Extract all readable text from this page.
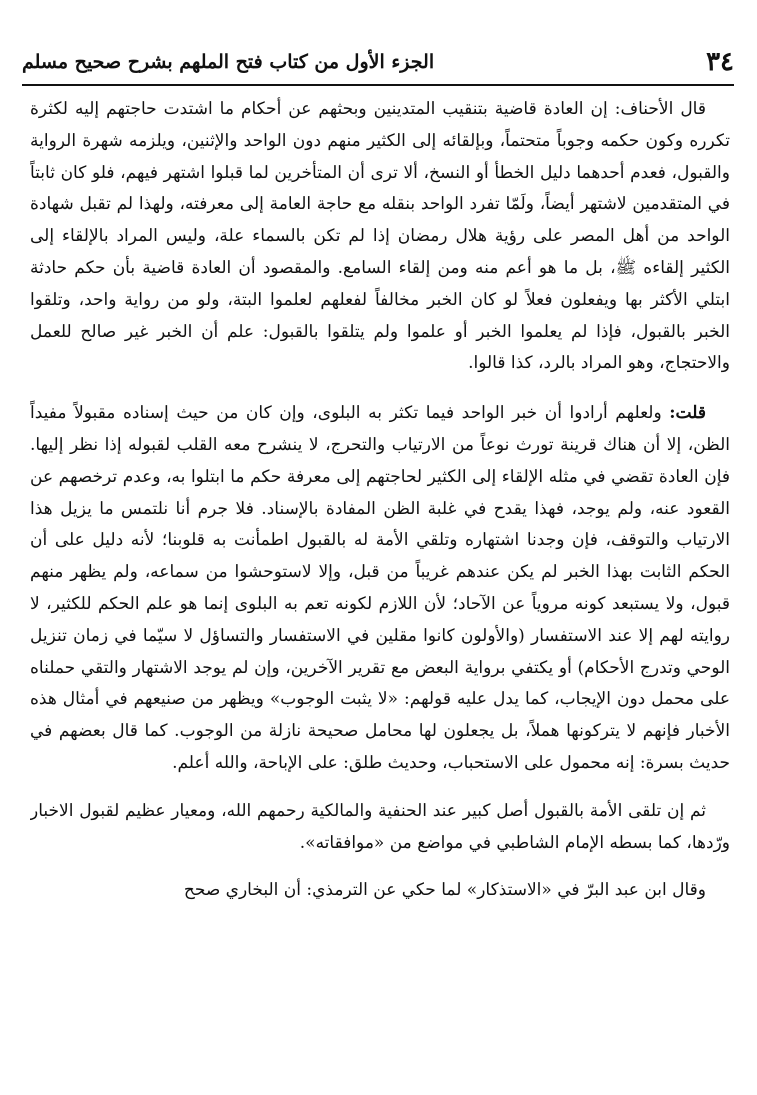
٣٤
الجزء الأول من كتاب فتح الملهم بشرح صحيح مسلم

قال الأحناف: إن العادة قاضية بتنقيب المتدينين وبحثهم عن أحكام ما اشتدت حاجتهم إليه لكثرة تكرره وكون حكمه وجوباً متحتماً، وبإلقائه إلى الكثير منهم دون الواحد والإثنين، ويلزمه شهرة الرواية والقبول، فعدم أحدهما دليل الخطأ أو النسخ، ألا ترى أن المتأخرين لما قبلوا اشتهر فيهم، فلو كان ثابتاً في المتقدمين لاشتهر أيضاً، ولَمّا تفرد الواحد بنقله مع حاجة العامة إلى معرفته، ولهذا لم تقبل شهادة الواحد من أهل المصر على رؤية هلال رمضان إذا لم تكن بالسماء علة، وليس المراد بالإلقاء إلى الكثير إلقاءه ﷺ، بل ما هو أعم منه ومن إلقاء السامع. والمقصود أن العادة قاضية بأن حكم حادثة ابتلي الأكثر بها ويفعلون فعلاً لو كان الخبر مخالفاً لفعلهم لعلموا البتة، ولو من رواية واحد، وتلقوا الخبر بالقبول، فإذا لم يعلموا الخبر أو علموا ولم يتلقوا بالقبول: علم أن الخبر غير صالح للعمل والاحتجاج، وهو المراد بالرد، كذا قالوا.

قلت: ولعلهم أرادوا أن خبر الواحد فيما تكثر به البلوى، وإن كان من حيث إسناده مقبولاً مفيداً الظن، إلا أن هناك قرينة تورث نوعاً من الارتياب والتحرج، لا ينشرح معه القلب لقبوله إذا نظر إليها. فإن العادة تقضي في مثله الإلقاء إلى الكثير لحاجتهم إلى معرفة حكم ما ابتلوا به، وعدم ترخصهم عن القعود عنه، ولم يوجد، فهذا يقدح في غلبة الظن المفادة بالإسناد. فلا جرم أنا نلتمس ما يزيل هذا الارتياب والتوقف، فإن وجدنا اشتهاره وتلقي الأمة له بالقبول اطمأنت به قلوبنا؛ لأنه دليل على أن الحكم الثابت بهذا الخبر لم يكن عندهم غريباً من قبل، وإلا لاستوحشوا من سماعه، ولم يظهر منهم قبول، ولا يستبعد كونه مروياً عن الآحاد؛ لأن اللازم لكونه تعم به البلوى إنما هو علم الحكم للكثير، لا روايته لهم إلا عند الاستفسار (والأولون كانوا مقلين في الاستفسار والتساؤل لا سيّما في زمان تنزيل الوحي وتدرج الأحكام) أو يكتفي برواية البعض مع تقرير الآخرين، وإن لم يوجد الاشتهار والتقي حملناه على محمل دون الإيجاب، كما يدل عليه قولهم: «لا يثبت الوجوب» ويظهر من صنيعهم في أمثال هذه الأخبار فإنهم لا يتركونها هملاً، بل يجعلون لها محامل صحيحة نازلة من الوجوب. كما قال بعضهم في حديث بسرة: إنه محمول على الاستحباب، وحديث طلق: على الإباحة، والله أعلم.

ثم إن تلقى الأمة بالقبول أصل كبير عند الحنفية والمالكية رحمهم الله، ومعيار عظيم لقبول الاخبار ورّدها، كما بسطه الإمام الشاطبي في مواضع من «موافقاته».

وقال ابن عبد البرّ في «الاستذكار» لما حكي عن الترمذي: أن البخاري صحح
